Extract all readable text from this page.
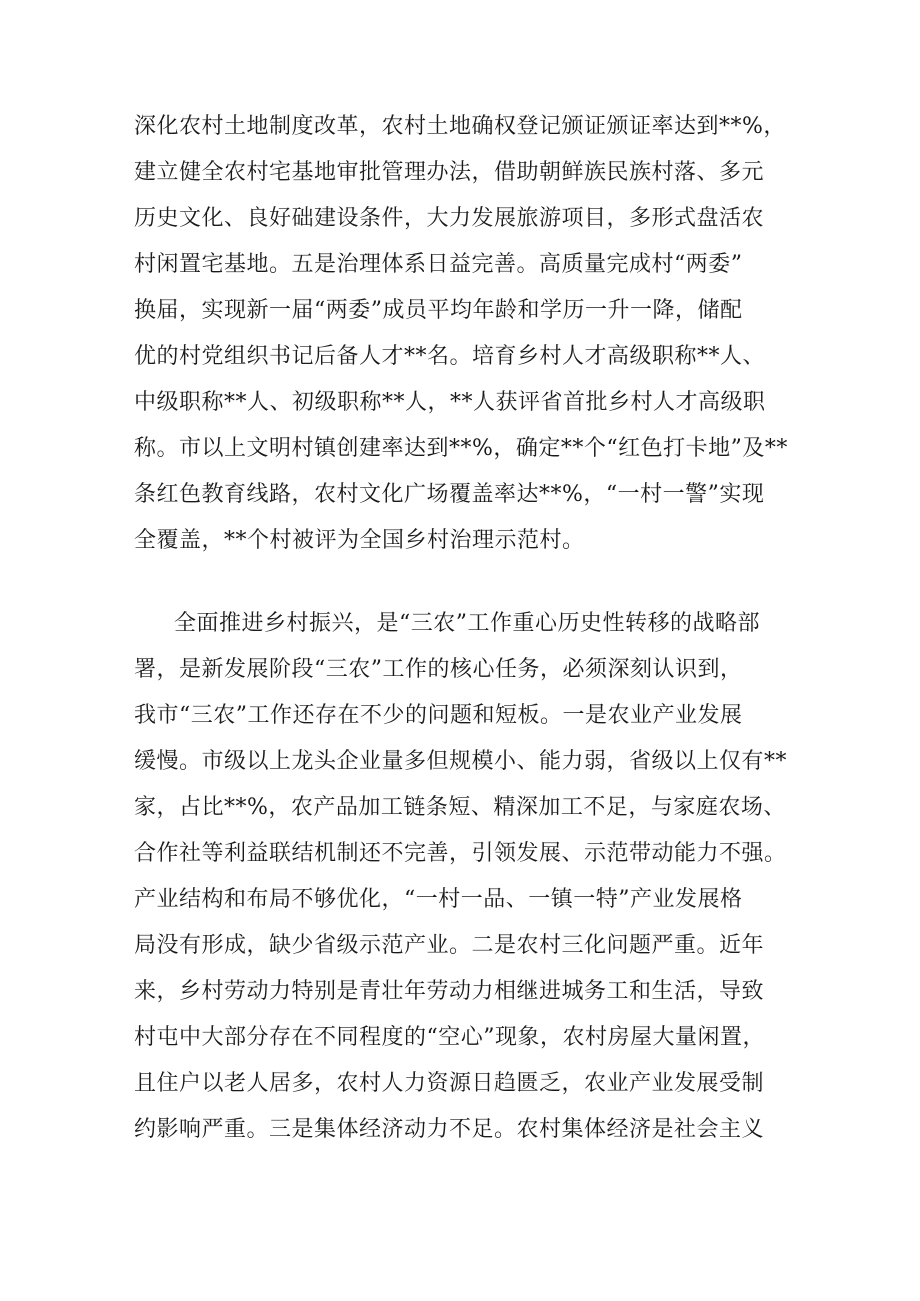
深化农村土地制度改革，农村土地确权登记颁证颁证率达到**%，
建立健全农村宅基地审批管理办法，借助朝鲜族民族村落、多元
历史文化、良好础建设条件，大力发展旅游项目，多形式盘活农
村闲置宅基地。五是治理体系日益完善。高质量完成村“两委”
换届，实现新一届“两委”成员平均年龄和学历一升一降，储配
优的村党组织书记后备人才**名。培育乡村人才高级职称**人、
中级职称**人、初级职称**人，**人获评省首批乡村人才高级职
称。市以上文明村镇创建率达到**%，确定**个“红色打卡地”及**
条红色教育线路，农村文化广场覆盖率达**%，“一村一警”实现
全覆盖，**个村被评为全国乡村治理示范村。
全面推进乡村振兴，是“三农”工作重心历史性转移的战略部
署，是新发展阶段“三农”工作的核心任务，必须深刻认识到，
我市“三农”工作还存在不少的问题和短板。一是农业产业发展
缓慢。市级以上龙头企业量多但规模小、能力弱，省级以上仅有**
家，占比**%，农产品加工链条短、精深加工不足，与家庭农场、
合作社等利益联结机制还不完善，引领发展、示范带动能力不强。
产业结构和布局不够优化，“一村一品、一镇一特”产业发展格
局没有形成，缺少省级示范产业。二是农村三化问题严重。近年
来，乡村劳动力特别是青壮年劳动力相继进城务工和生活，导致
村屯中大部分存在不同程度的“空心”现象，农村房屋大量闲置，
且住户以老人居多，农村人力资源日趋匮乏，农业产业发展受制
约影响严重。三是集体经济动力不足。农村集体经济是社会主义
